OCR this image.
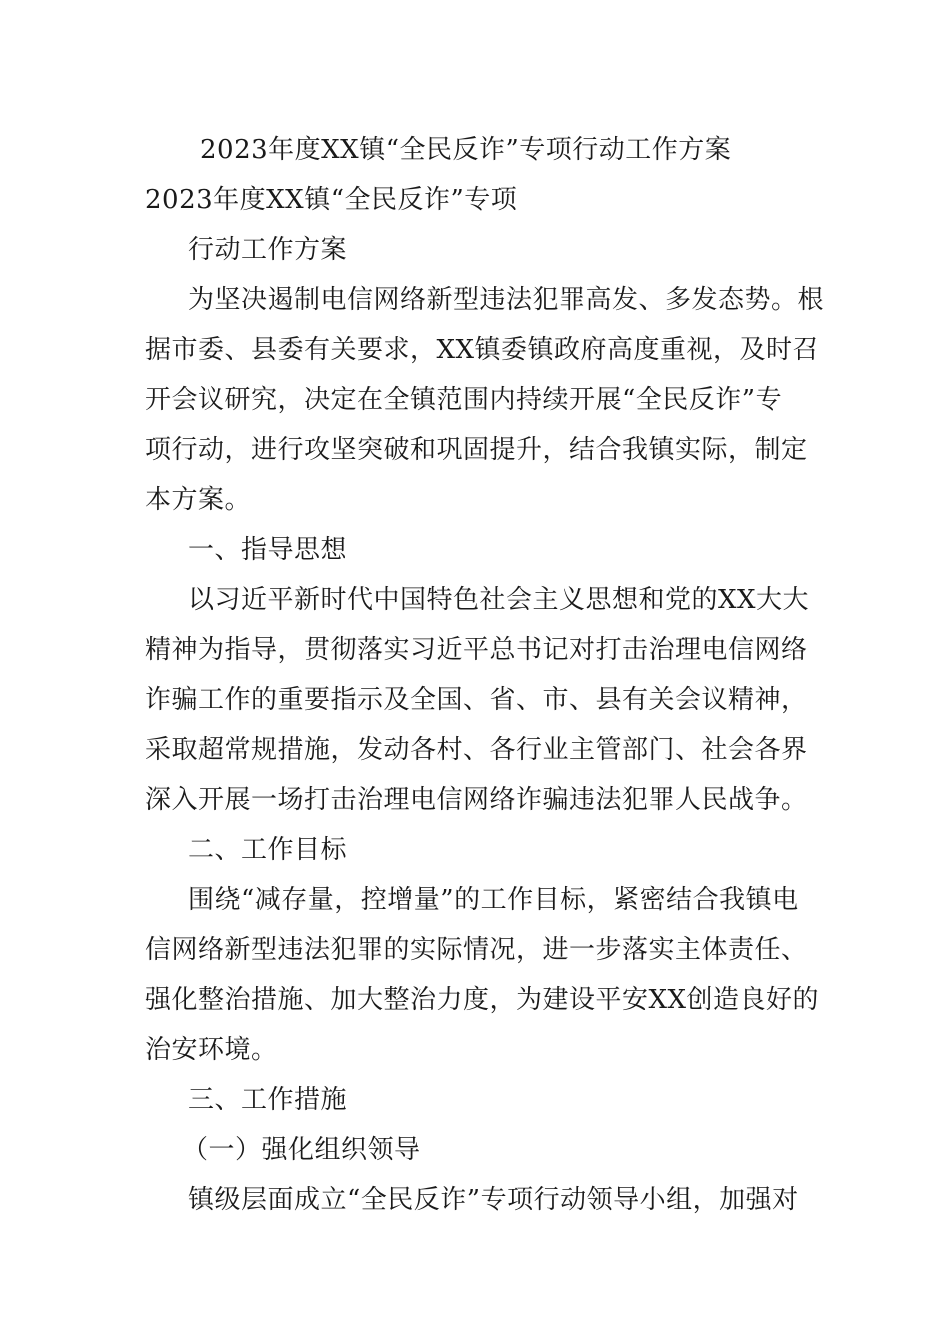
2023年度XX镇“全民反诈”专项行动工作方案
2023年度XX镇“全民反诈”专项
行动工作方案
为坚决遏制电信网络新型违法犯罪高发、多发态势。根
据市委、县委有关要求，XX镇委镇政府高度重视，及时召
开会议研究，决定在全镇范围内持续开展“全民反诈”专
项行动，进行攻坚突破和巩固提升，结合我镇实际，制定
本方案。
一、指导思想
以习近平新时代中国特色社会主义思想和党的XX大大
精神为指导，贯彻落实习近平总书记对打击治理电信网络
诈骗工作的重要指示及全国、省、市、县有关会议精神，
采取超常规措施，发动各村、各行业主管部门、社会各界
深入开展一场打击治理电信网络诈骗违法犯罪人民战争。
二、工作目标
围绕“减存量，控增量”的工作目标，紧密结合我镇电
信网络新型违法犯罪的实际情况，进一步落实主体责任、
强化整治措施、加大整治力度，为建设平安XX创造良好的
治安环境。
三、工作措施
（一）强化组织领导
镇级层面成立“全民反诈”专项行动领导小组，加强对
